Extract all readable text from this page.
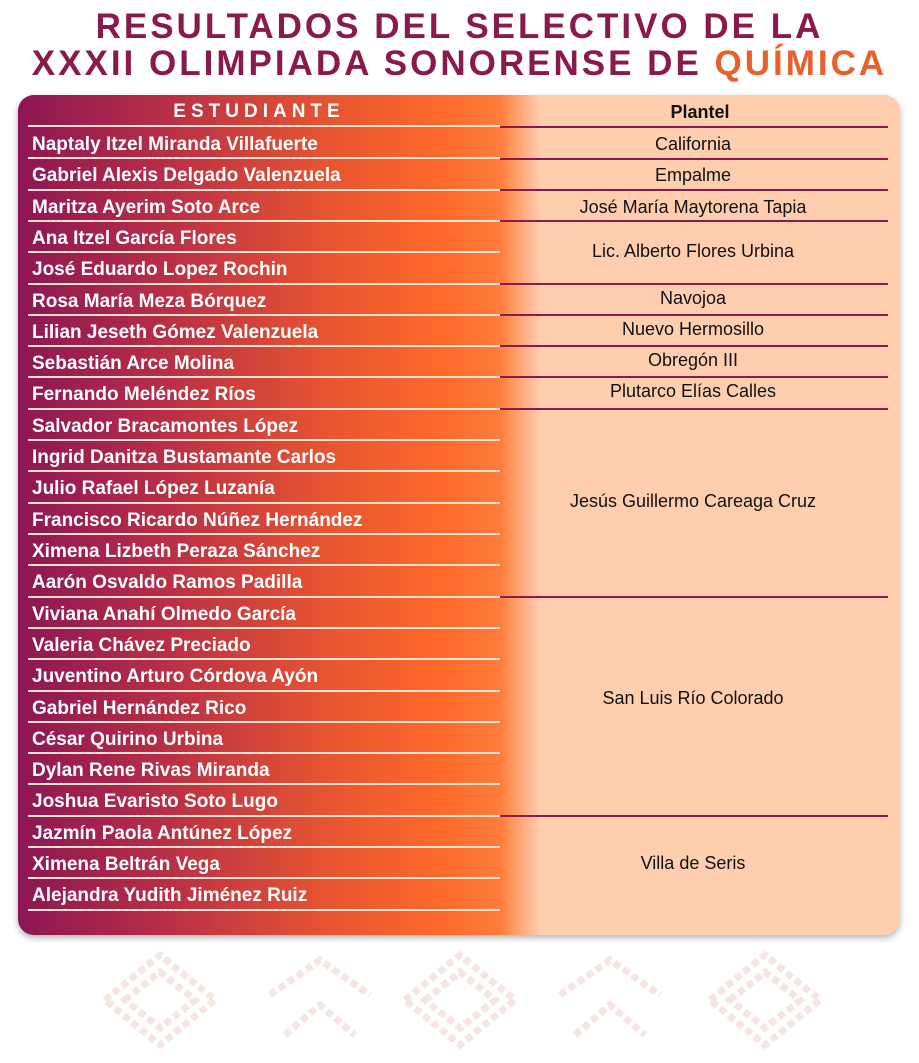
RESULTADOS DEL SELECTIVO DE LA
XXXII OLIMPIADA SONORENSE DE QUÍMICA
ESTUDIANTE	Plantel
Naptaly Itzel Miranda Villafuerte
Gabriel Alexis Delgado Valenzuela
Maritza Ayerim Soto Arce
Ana Itzel García Flores
José Eduardo Lopez Rochin
Rosa María Meza Bórquez
Lilian Jeseth Gómez Valenzuela
Sebastián Arce Molina
Fernando Meléndez Ríos
Salvador Bracamontes López
Ingrid Danitza Bustamante Carlos
Julio Rafael López Luzanía
Francisco Ricardo Núñez Hernández
Ximena Lizbeth Peraza Sánchez
Aarón Osvaldo Ramos Padilla
Viviana Anahí Olmedo García
Valeria Chávez Preciado
Juventino Arturo Córdova Ayón
Gabriel Hernández Rico
César Quirino Urbina
Dylan Rene Rivas Miranda
Joshua Evaristo Soto Lugo
Jazmín Paola Antúnez López
Ximena Beltrán Vega
Alejandra Yudith Jiménez Ruiz
California
Empalme
José María Maytorena Tapia
Lic. Alberto Flores Urbina
Navojoa
Nuevo Hermosillo
Obregón III
Plutarco Elías Calles
Jesús Guillermo Careaga Cruz
San Luis Río Colorado
Villa de Seris
